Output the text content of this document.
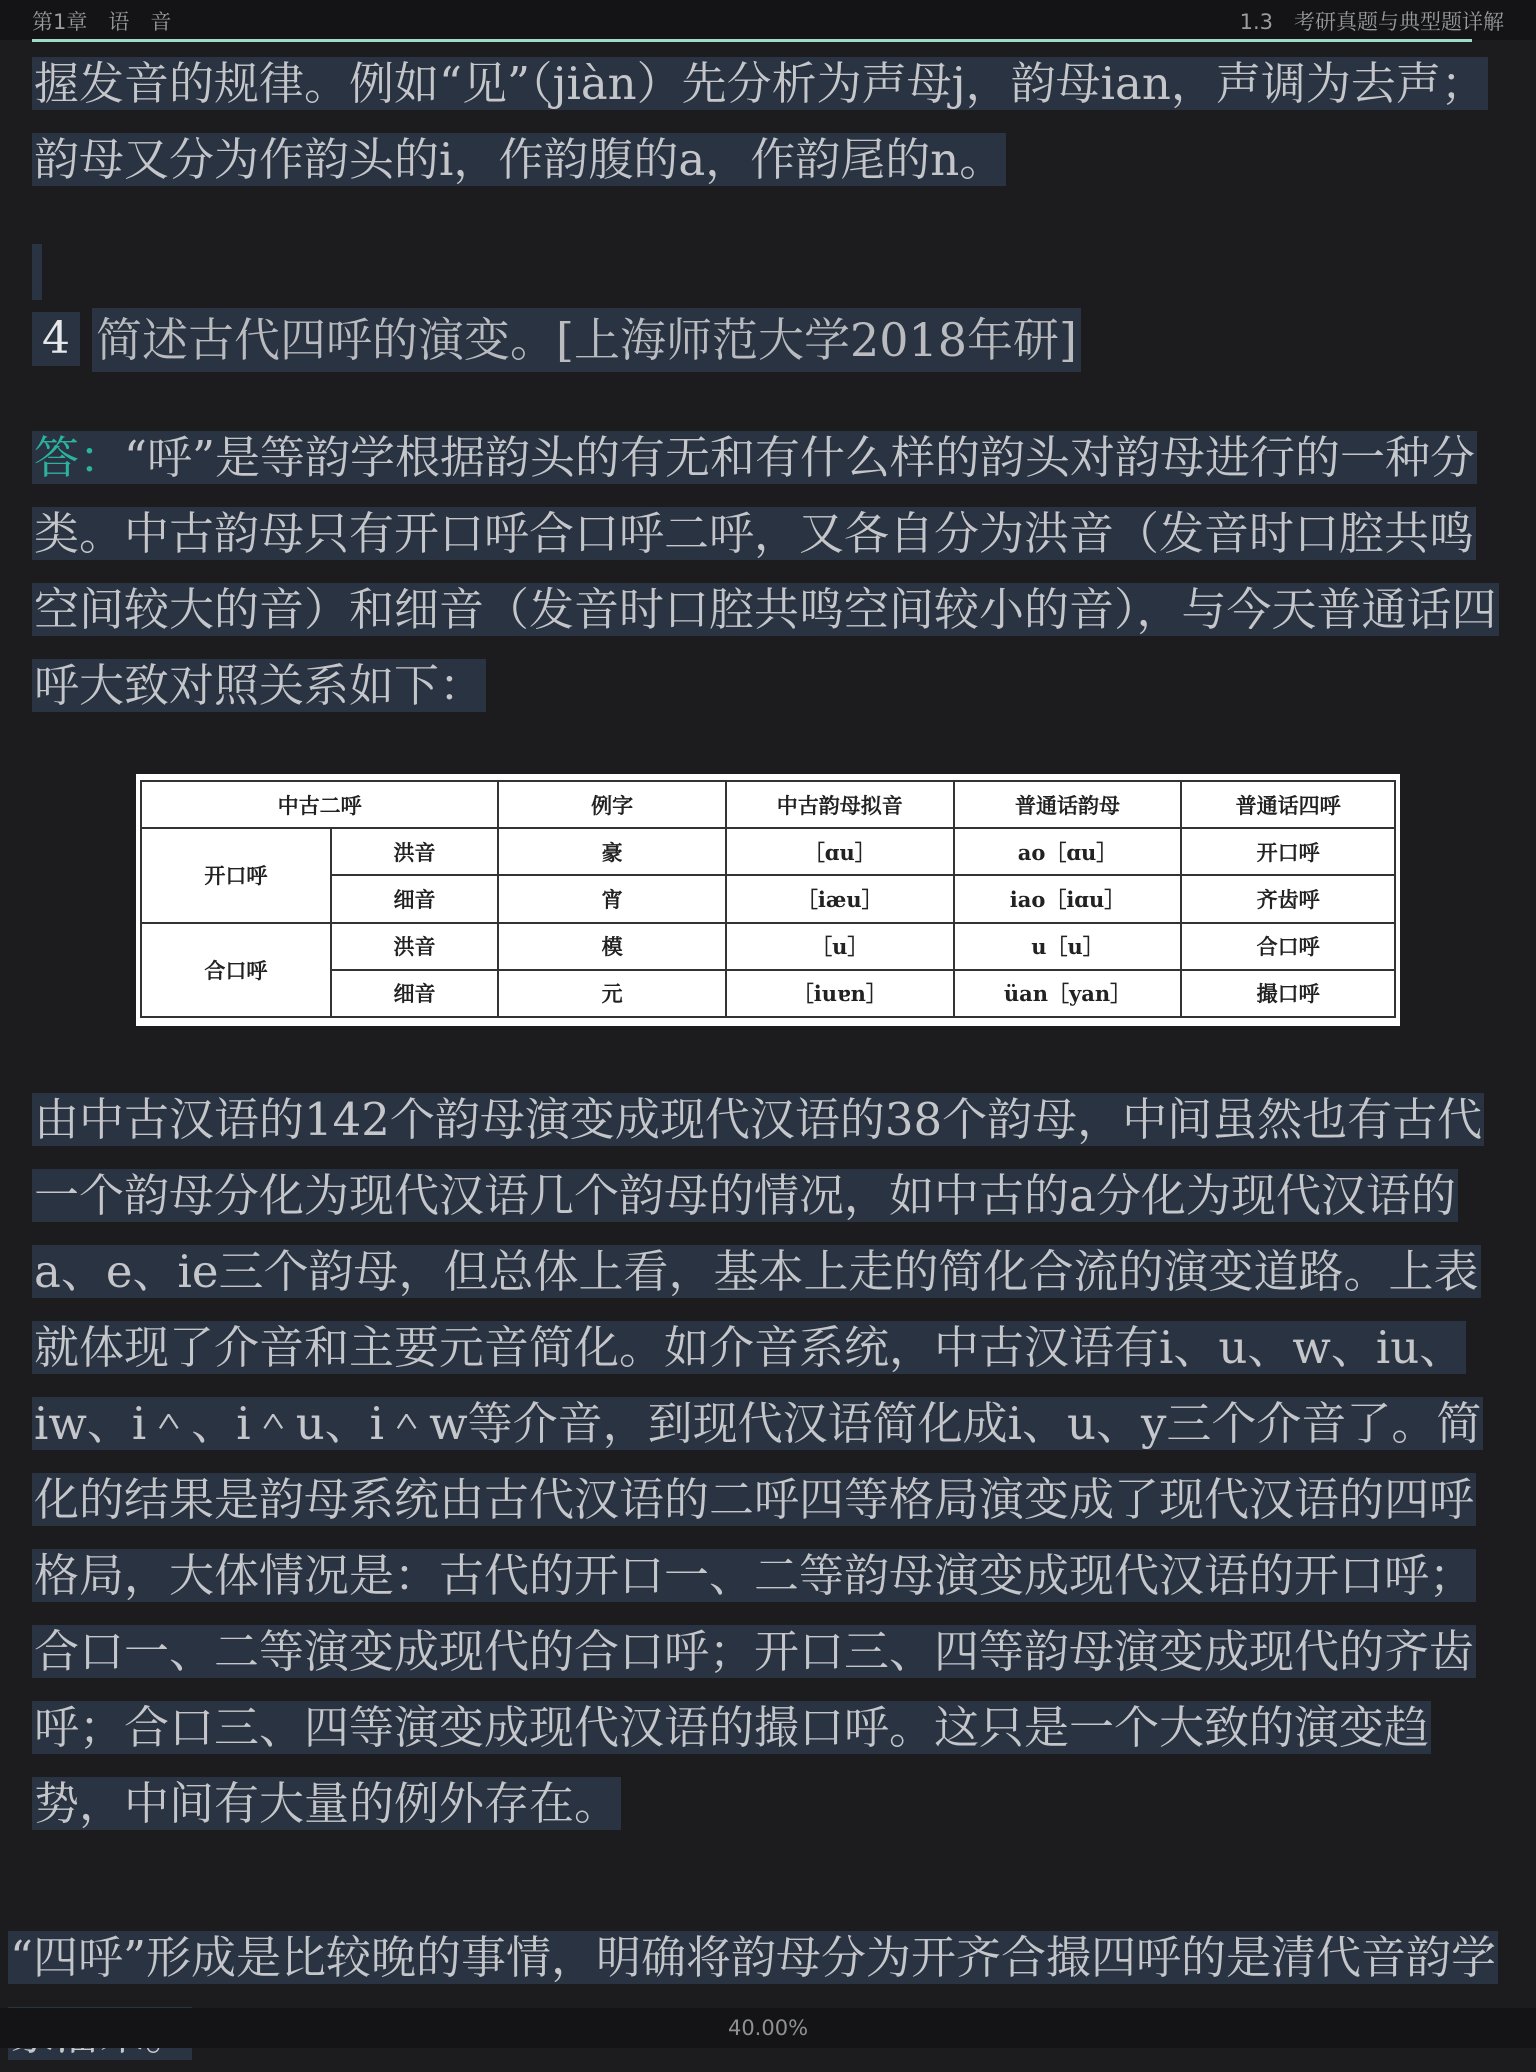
第1章　语　音	1.3　考研真题与典型题详解
握发音的规律。例如“见”（jiàn）先分析为声母j，韵母ian，声调为去声；韵母又分为作韵头的i，作韵腹的a，作韵尾的n。
4 简述古代四呼的演变。[上海师范大学2018年研]
答：“呼”是等韵学根据韵头的有无和有什么样的韵头对韵母进行的一种分类。中古韵母只有开口呼合口呼二呼，又各自分为洪音（发音时口腔共鸣空间较大的音）和细音（发音时口腔共鸣空间较小的音），与今天普通话四呼大致对照关系如下：
中古二呼		例字	中古韵母拟音	普通话韵母	普通话四呼
开口呼	洪音	豪	［ɑu］	ao［ɑu］	开口呼
	细音	宵	［iæu］	iao［iɑu］	齐齿呼
合口呼	洪音	模	［u］	u［u］	合口呼
	细音	元	［iuɐn］	üan［yan］	撮口呼
由中古汉语的142个韵母演变成现代汉语的38个韵母，中间虽然也有古代一个韵母分化为现代汉语几个韵母的情况，如中古的a分化为现代汉语的a、e、ie三个韵母，但总体上看，基本上走的简化合流的演变道路。上表就体现了介音和主要元音简化。如介音系统，中古汉语有i、u、w、iu、iw、i＾、i＾u、i＾w等介音，到现代汉语简化成i、u、y三个介音了。简化的结果是韵母系统由古代汉语的二呼四等格局演变成了现代汉语的四呼格局，大体情况是：古代的开口一、二等韵母演变成现代汉语的开口呼；合口一、二等演变成现代的合口呼；开口三、四等韵母演变成现代的齐齿呼；合口三、四等演变成现代汉语的撮口呼。这只是一个大致的演变趋势，中间有大量的例外存在。
“四呼”形成是比较晚的事情，明确将韵母分为开齐合撮四呼的是清代音韵学
40.00%
